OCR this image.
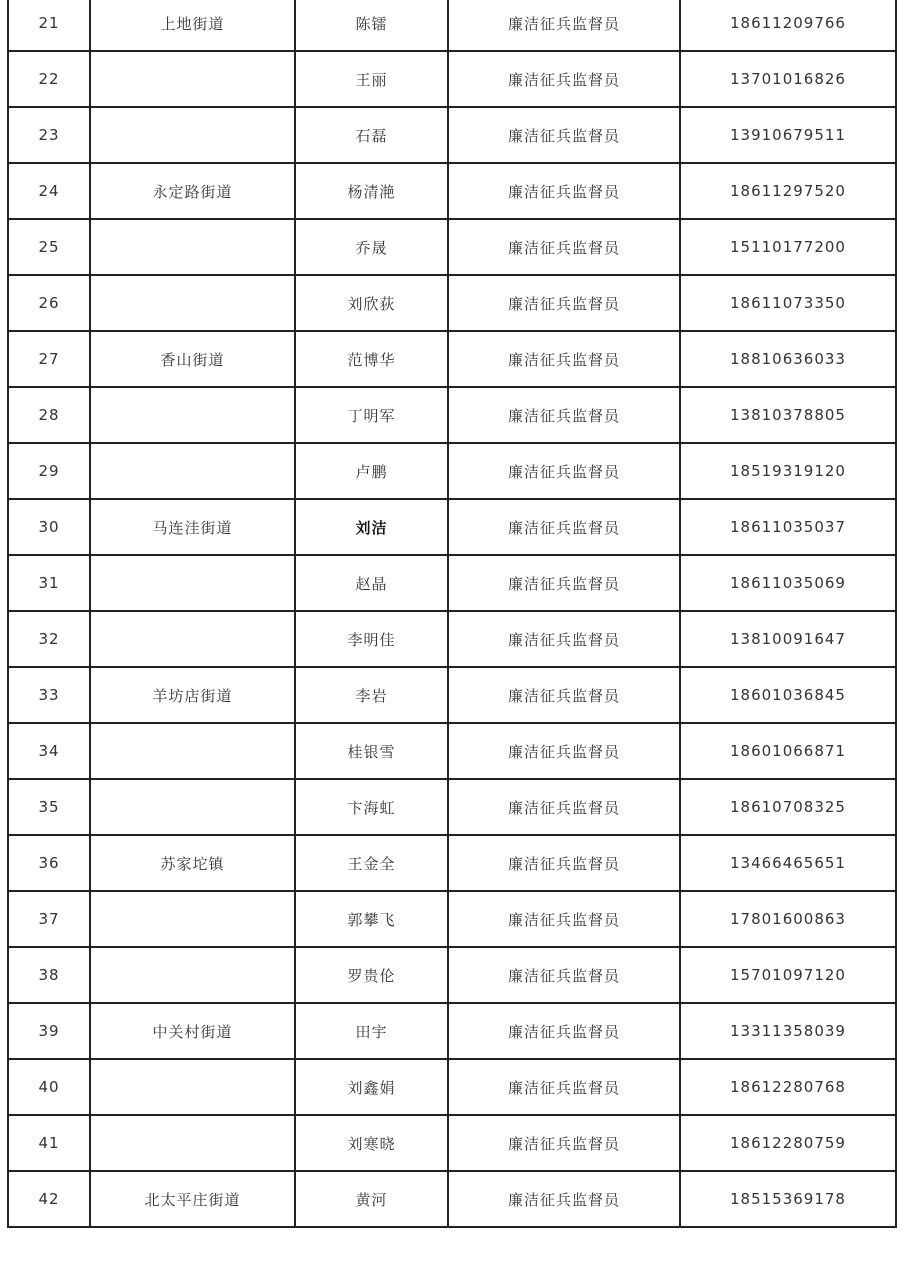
21	上地街道	陈镭	廉洁征兵监督员	18611209766
22		王丽	廉洁征兵监督员	13701016826
23		石磊	廉洁征兵监督员	13910679511
24	永定路街道	杨清滟	廉洁征兵监督员	18611297520
25		乔晟	廉洁征兵监督员	15110177200
26		刘欣荻	廉洁征兵监督员	18611073350
27	香山街道	范博华	廉洁征兵监督员	18810636033
28		丁明军	廉洁征兵监督员	13810378805
29		卢鹏	廉洁征兵监督员	18519319120
30	马连洼街道	刘洁	廉洁征兵监督员	18611035037
31		赵晶	廉洁征兵监督员	18611035069
32		李明佳	廉洁征兵监督员	13810091647
33	羊坊店街道	李岩	廉洁征兵监督员	18601036845
34		桂银雪	廉洁征兵监督员	18601066871
35		卞海虹	廉洁征兵监督员	18610708325
36	苏家坨镇	王金全	廉洁征兵监督员	13466465651
37		郭攀飞	廉洁征兵监督员	17801600863
38		罗贵伦	廉洁征兵监督员	15701097120
39	中关村街道	田宇	廉洁征兵监督员	13311358039
40		刘鑫娟	廉洁征兵监督员	18612280768
41		刘寒晓	廉洁征兵监督员	18612280759
42	北太平庄街道	黄河	廉洁征兵监督员	18515369178
